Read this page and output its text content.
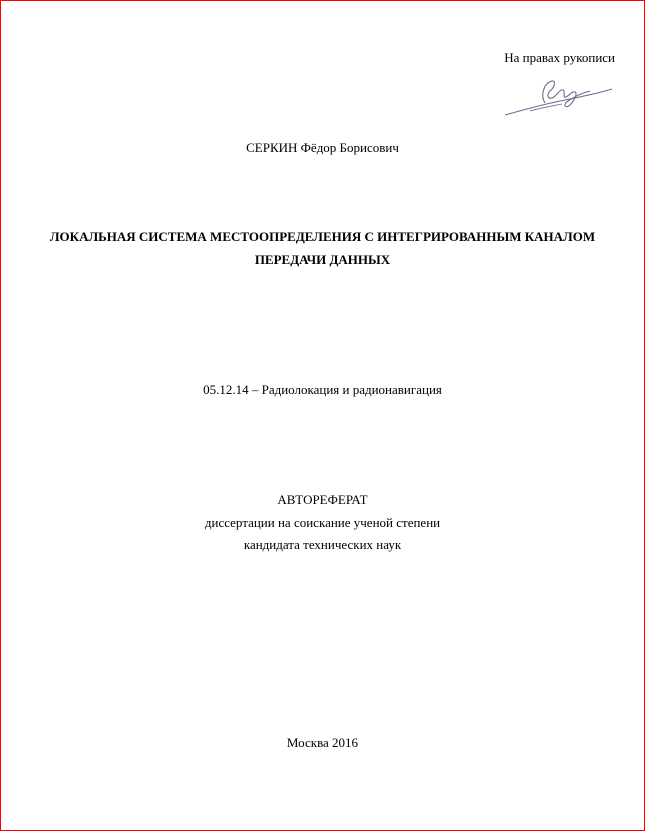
На правах рукописи
СЕРКИН Фёдор Борисович
ЛОКАЛЬНАЯ СИСТЕМА МЕСТООПРЕДЕЛЕНИЯ С ИНТЕГРИРОВАННЫМ КАНАЛОМ
ПЕРЕДАЧИ ДАННЫХ
05.12.14 – Радиолокация и радионавигация
АВТОРЕФЕРАТ
диссертации на соискание ученой степени
кандидата технических наук
Москва 2016
